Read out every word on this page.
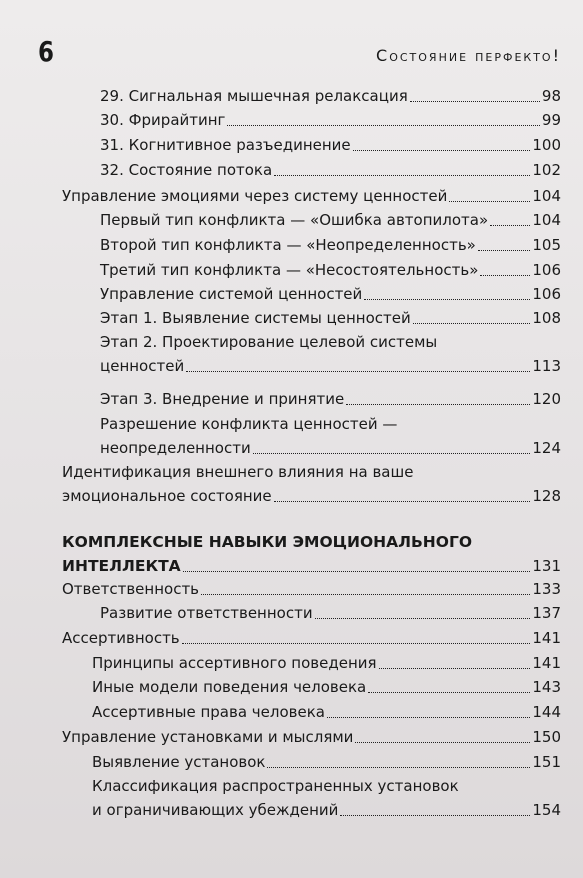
6	Состояние перфекто!
29. Сигнальная мышечная релаксация	98
30. Фрирайтинг	99
31. Когнитивное разъединение	100
32. Состояние потока	102
Управление эмоциями через систему ценностей	104
Первый тип конфликта — «Ошибка автопилота»	104
Второй тип конфликта — «Неопределенность»	105
Третий тип конфликта — «Несостоятельность»	106
Управление системой ценностей	106
Этап 1. Выявление системы ценностей	108
Этап 2. Проектирование целевой системы
ценностей	113
Этап 3. Внедрение и принятие	120
Разрешение конфликта ценностей —
неопределенности	124
Идентификация внешнего влияния на ваше
эмоциональное состояние	128
КОМПЛЕКСНЫЕ НАВЫКИ ЭМОЦИОНАЛЬНОГО
ИНТЕЛЛЕКТА	131
Ответственность	133
Развитие ответственности	137
Ассертивность	141
Принципы ассертивного поведения	141
Иные модели поведения человека	143
Ассертивные права человека	144
Управление установками и мыслями	150
Выявление установок	151
Классификация распространенных установок
и ограничивающих убеждений	154
